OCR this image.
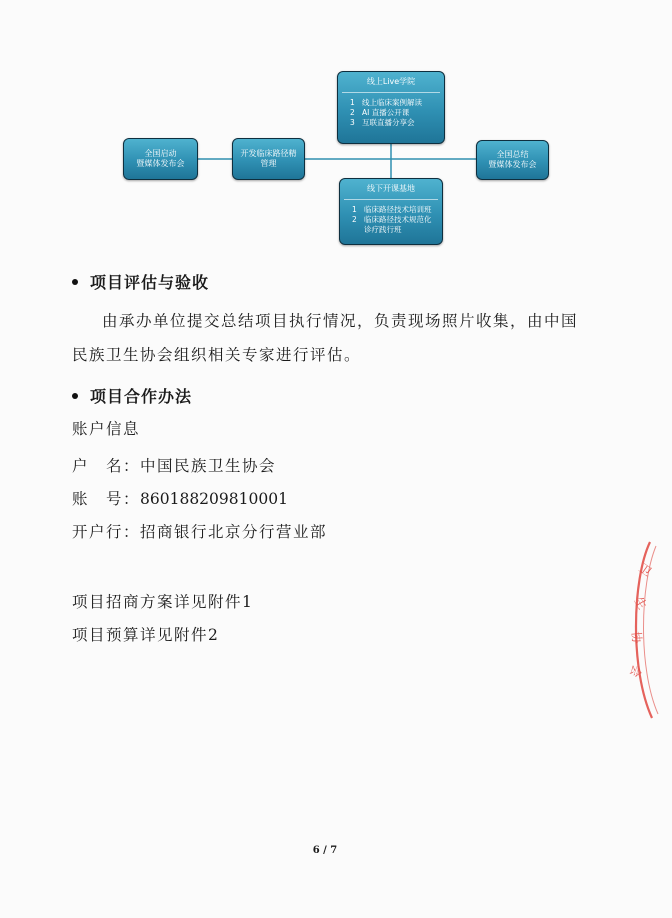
全国启动
暨媒体发布会
开发临床路径精
管理
线上Live学院
1 线上临床案例解读
2 AI 直播公开课
3 互联直播分享会
线下开课基地
1 临床路径技术培训班
2 临床路径技术规范化
诊疗践行班
全国总结
暨媒体发布会
项目评估与验收
由承办单位提交总结项目执行情况，负责现场照片收集，由中国
民族卫生协会组织相关专家进行评估。
项目合作办法
账户信息
户　名：中国民族卫生协会
账　号：860188209810001
开户行：招商银行北京分行营业部
项目招商方案详见附件1
项目预算详见附件2
卫
生
协
会
6 / 7
